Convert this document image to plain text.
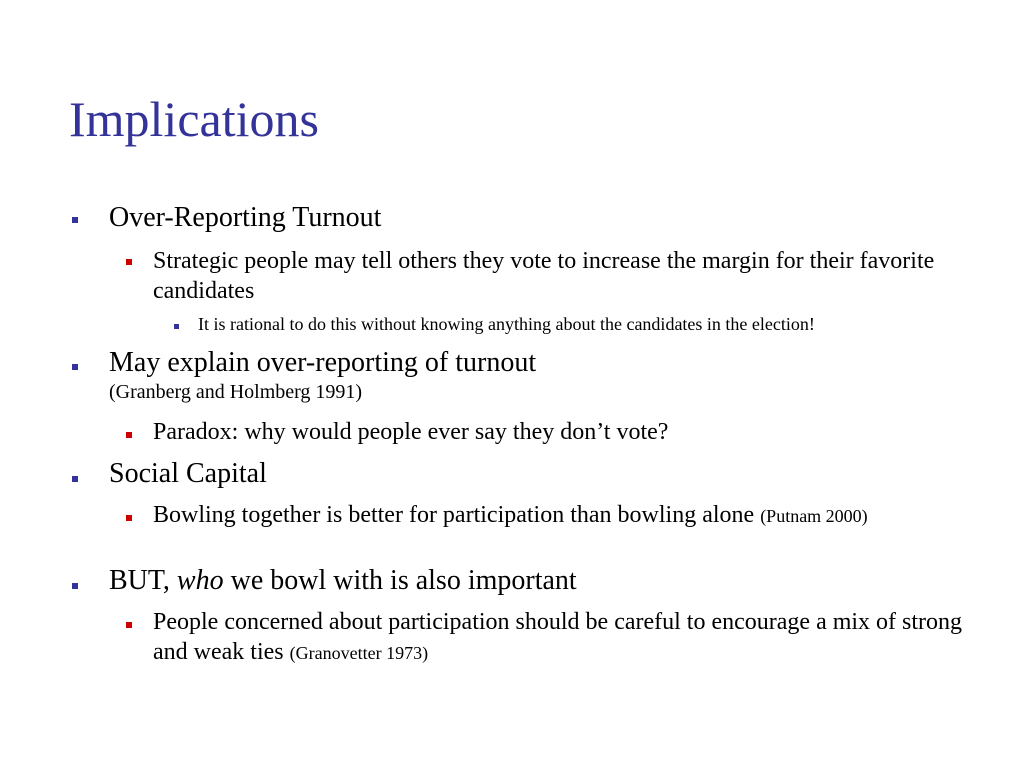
Implications

Over-Reporting Turnout

Strategic people may tell others they vote to increase the margin for their favorite candidates

It is rational to do this without knowing anything about the candidates in the election!

May explain over-reporting of turnout
(Granberg and Holmberg 1991)

Paradox: why would people ever say they don’t vote?

Social Capital

Bowling together is better for participation than bowling alone (Putnam 2000)

BUT, who we bowl with is also important

People concerned about participation should be careful to encourage a mix of strong and weak ties (Granovetter 1973)
